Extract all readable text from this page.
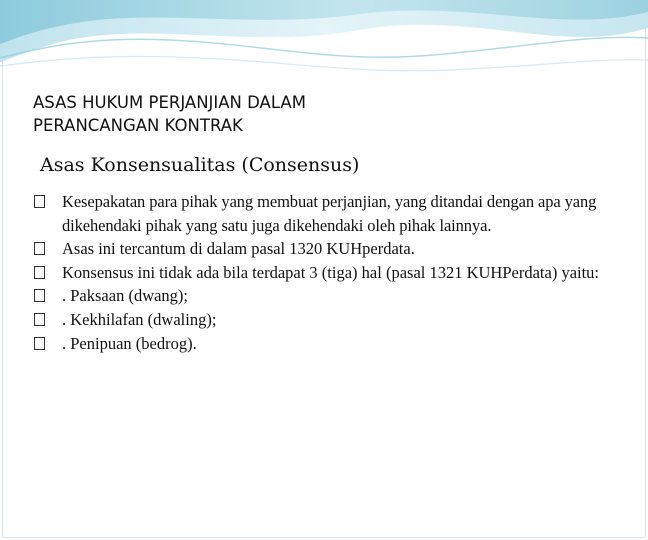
ASAS HUKUM PERJANJIAN DALAM
PERANCANGAN KONTRAK
Asas Konsensualitas (Consensus)
Kesepakatan para pihak yang membuat perjanjian, yang ditandai dengan apa yang dikehendaki pihak yang satu juga dikehendaki oleh pihak lainnya.
Asas ini tercantum di dalam pasal 1320 KUHperdata.
Konsensus ini tidak ada bila terdapat 3 (tiga) hal (pasal 1321 KUHPerdata) yaitu:
. Paksaan (dwang);
. Kekhilafan (dwaling);
. Penipuan (bedrog).
